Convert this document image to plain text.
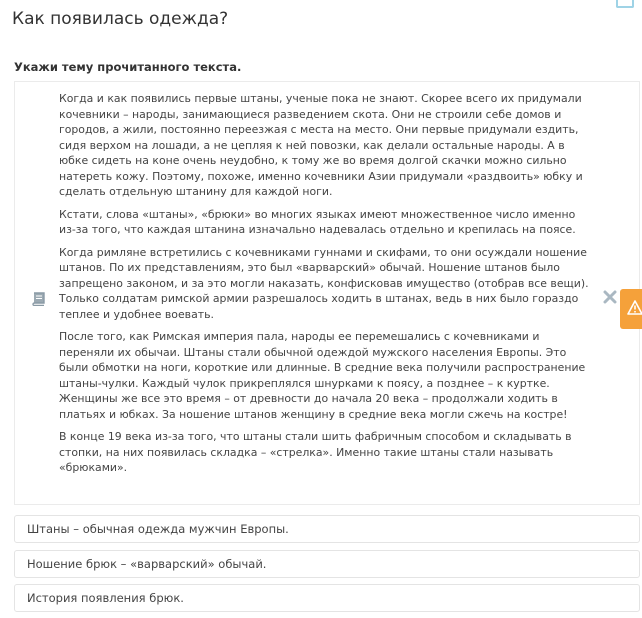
Как появилась одежда?
Укажи тему прочитанного текста.

Когда и как появились первые штаны, ученые пока не знают. Скорее всего их придумали кочевники – народы, занимающиеся разведением скота. Они не строили себе домов и городов, а жили, постоянно переезжая с места на место. Они первые придумали ездить, сидя верхом на лошади, а не цепляя к ней повозки, как делали остальные народы. А в юбке сидеть на коне очень неудобно, к тому же во время долгой скачки можно сильно натереть кожу. Поэтому, похоже, именно кочевники Азии придумали «раздвоить» юбку и сделать отдельную штанину для каждой ноги.

Кстати, слова «штаны», «брюки» во многих языках имеют множественное число именно из-за того, что каждая штанина изначально надевалась отдельно и крепилась на поясе.

Когда римляне встретились с кочевниками гуннами и скифами, то они осуждали ношение штанов. По их представлениям, это был «варварский» обычай. Ношение штанов было запрещено законом, и за это могли наказать, конфисковав имущество (отобрав все вещи). Только солдатам римской армии разрешалось ходить в штанах, ведь в них было гораздо теплее и удобнее воевать.

После того, как Римская империя пала, народы ее перемешались с кочевниками и переняли их обычаи. Штаны стали обычной одеждой мужского населения Европы. Это были обмотки на ноги, короткие или длинные. В средние века получили распространение штаны-чулки. Каждый чулок прикреплялся шнурками к поясу, а позднее – к куртке. Женщины же все это время – от древности до начала 20 века – продолжали ходить в платьях и юбках. За ношение штанов женщину в средние века могли сжечь на костре!

В конце 19 века из-за того, что штаны стали шить фабричным способом и складывать в стопки, на них появилась складка – «стрелка». Именно такие штаны стали называть «брюками».

Штаны – обычная одежда мужчин Европы.
Ношение брюк – «варварский» обычай.
История появления брюк.
